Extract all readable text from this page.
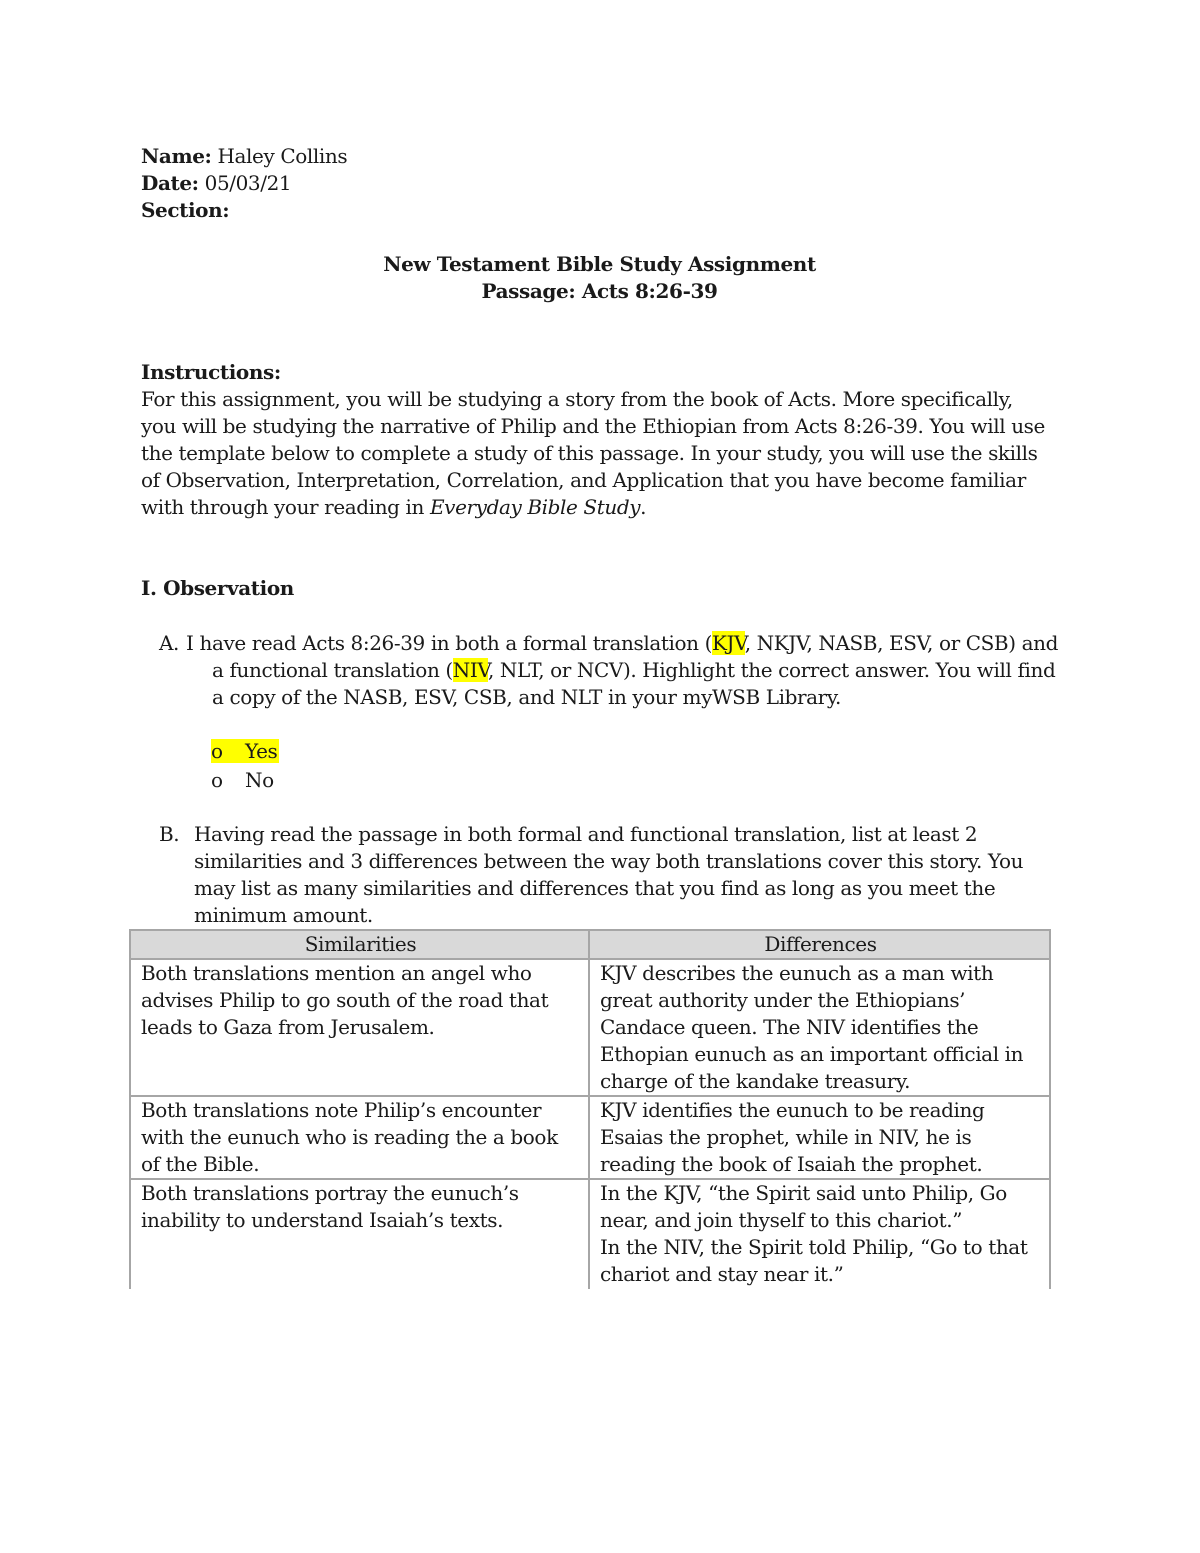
Name: Haley Collins
Date: 05/03/21
Section:
New Testament Bible Study Assignment
Passage: Acts 8:26-39
Instructions:
For this assignment, you will be studying a story from the book of Acts. More specifically, you will be studying the narrative of Philip and the Ethiopian from Acts 8:26-39. You will use the template below to complete a study of this passage. In your study, you will use the skills of Observation, Interpretation, Correlation, and Application that you have become familiar with through your reading in Everyday Bible Study.
I. Observation
A. I have read Acts 8:26-39 in both a formal translation (KJV, NKJV, NASB, ESV, or CSB) and a functional translation (NIV, NLT, or NCV). Highlight the correct answer. You will find a copy of the NASB, ESV, CSB, and NLT in your myWSB Library.
o Yes
o No
B. Having read the passage in both formal and functional translation, list at least 2 similarities and 3 differences between the way both translations cover this story. You may list as many similarities and differences that you find as long as you meet the minimum amount.
Similarities	Differences
Both translations mention an angel who advises Philip to go south of the road that leads to Gaza from Jerusalem.	KJV describes the eunuch as a man with great authority under the Ethiopians’ Candace queen. The NIV identifies the Ethopian eunuch as an important official in charge of the kandake treasury.
Both translations note Philip’s encounter with the eunuch who is reading the a book of the Bible.	KJV identifies the eunuch to be reading Esaias the prophet, while in NIV, he is reading the book of Isaiah the prophet.
Both translations portray the eunuch’s inability to understand Isaiah’s texts.	In the KJV, “the Spirit said unto Philip, Go near, and join thyself to this chariot.”
In the NIV, the Spirit told Philip, “Go to that chariot and stay near it.”
